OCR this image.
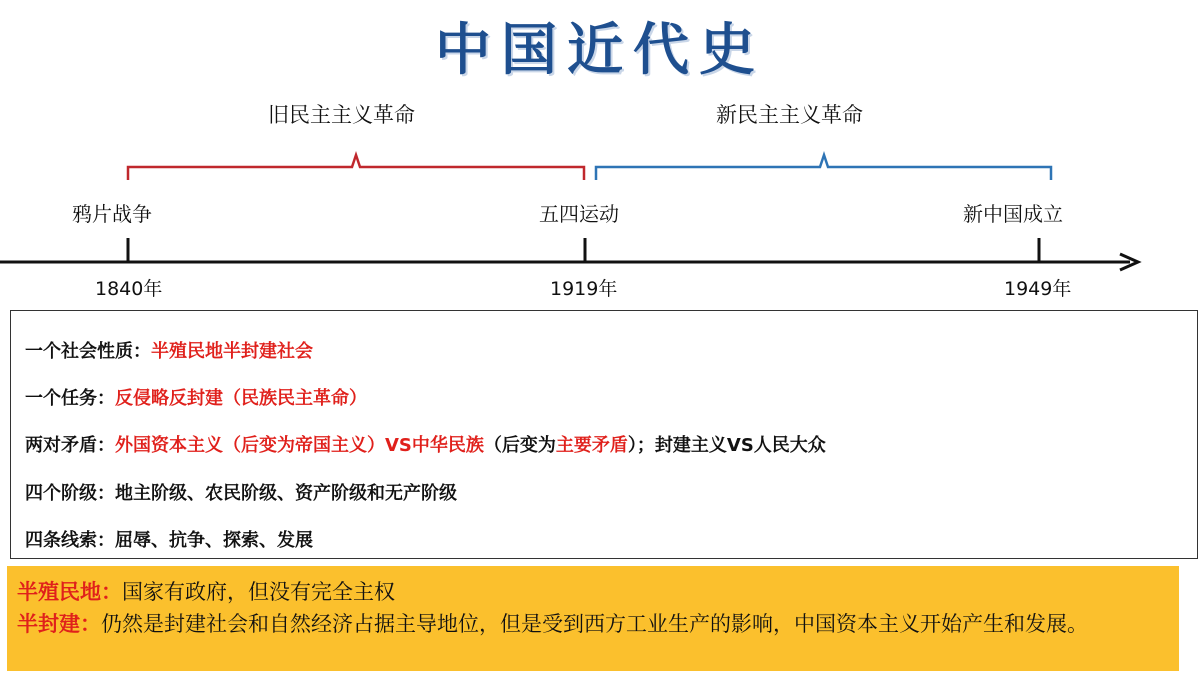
中国近代史
旧民主主义革命	新民主主义革命
鸦片战争	五四运动	新中国成立
1840年	1919年	1949年
一个社会性质：半殖民地半封建社会
一个任务：反侵略反封建（民族民主革命）
两对矛盾：外国资本主义（后变为帝国主义）VS中华民族（后变为主要矛盾）；封建主义VS人民大众
四个阶级：地主阶级、农民阶级、资产阶级和无产阶级
四条线索：屈辱、抗争、探索、发展
半殖民地：国家有政府，但没有完全主权
半封建：仍然是封建社会和自然经济占据主导地位，但是受到西方工业生产的影响，中国资本主义开始产生和发展。
